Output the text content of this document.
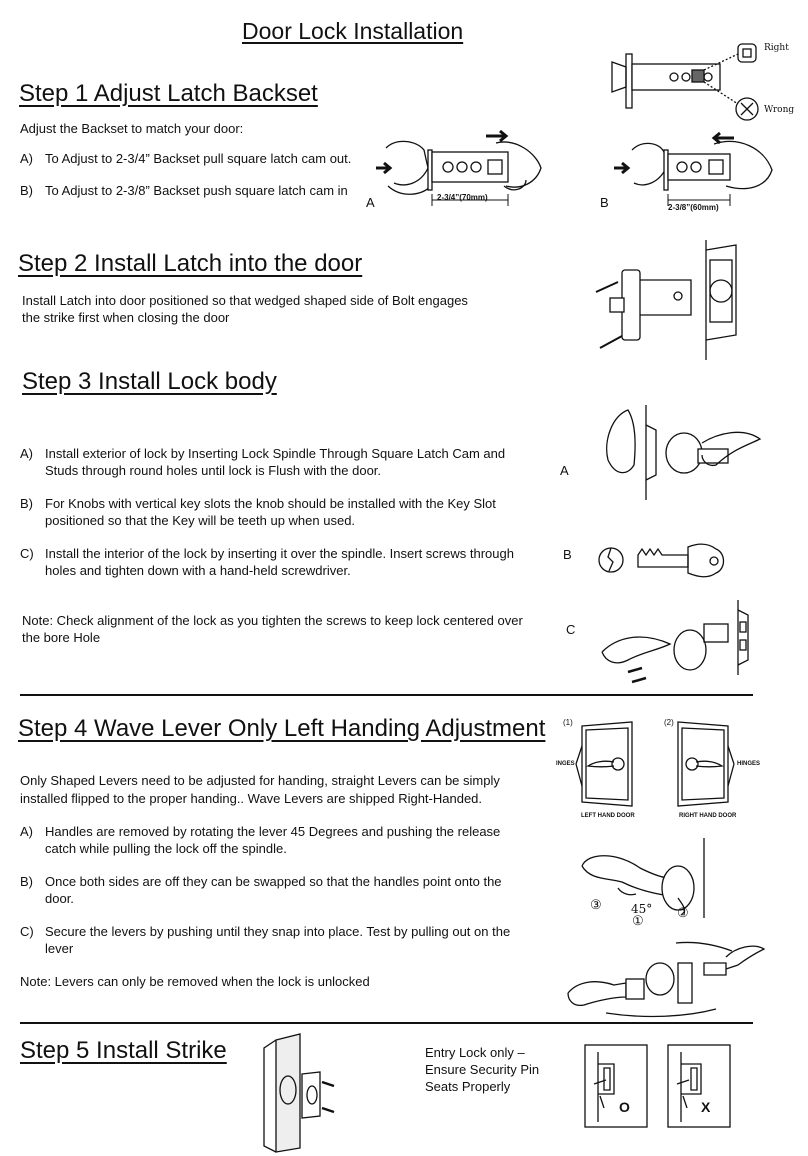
Door Lock Installation
Step 1 Adjust Latch Backset
Adjust the Backset to match your door:
A) To Adjust to 2-3/4” Backset pull square latch cam out.
B) To Adjust to 2-3/8” Backset push square latch cam in
A	B
2-3/4”(70mm)
2-3/8”(60mm)
Right
Wrong
Step 2 Install Latch into the door
Install Latch into door positioned so that wedged shaped side of Bolt engages
the strike first when closing the door
Step 3 Install Lock body
A) Install exterior of lock by Inserting Lock Spindle Through Square Latch Cam and
Studs through round holes until lock is Flush with the door.
B) For Knobs with vertical key slots the knob should be installed with the Key Slot
positioned so that the Key will be teeth up when used.
C) Install the interior of the lock by inserting it over the spindle. Insert screws through
holes and tighten down with a hand-held screwdriver.
Note: Check alignment of the lock as you tighten the screws to keep lock centered over
the bore Hole
A
B
C
Step 4 Wave Lever Only Left Handing Adjustment
Only Shaped Levers need to be adjusted for handing, straight Levers can be simply
installed flipped to the proper handing.. Wave Levers are shipped Right-Handed.
A) Handles are removed by rotating the lever 45 Degrees and pushing the release
catch while pulling the lock off the spindle.
B) Once both sides are off they can be swapped so that the handles point onto the
door.
C) Secure the levers by pushing until they snap into place. Test by pulling out on the
lever
Note: Levers can only be removed when the lock is unlocked
(1)	(2)
INGES
LEFT HAND DOOR
HINGES
RIGHT HAND DOOR
③ 45°
①
②
Step 5 Install Strike	Entry Lock only –
Ensure Security Pin
Seats Properly
O	X
